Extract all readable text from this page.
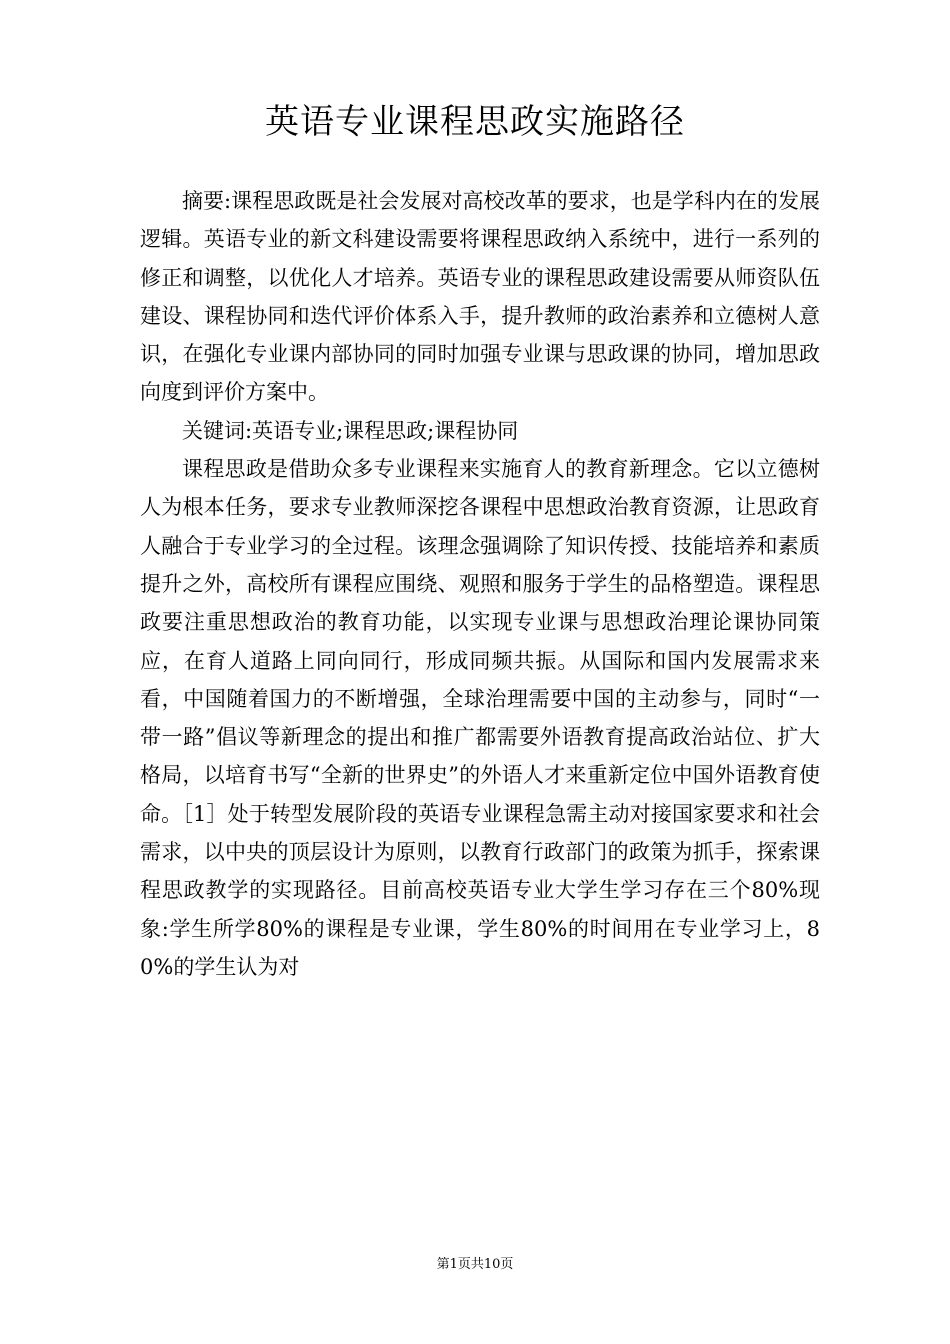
英语专业课程思政实施路径

摘要:课程思政既是社会发展对高校改革的要求，也是学科内在的发展逻辑。英语专业的新文科建设需要将课程思政纳入系统中，进行一系列的修正和调整，以优化人才培养。英语专业的课程思政建设需要从师资队伍建设、课程协同和迭代评价体系入手，提升教师的政治素养和立德树人意识，在强化专业课内部协同的同时加强专业课与思政课的协同，增加思政向度到评价方案中。

关键词:英语专业;课程思政;课程协同

课程思政是借助众多专业课程来实施育人的教育新理念。它以立德树人为根本任务，要求专业教师深挖各课程中思想政治教育资源，让思政育人融合于专业学习的全过程。该理念强调除了知识传授、技能培养和素质提升之外，高校所有课程应围绕、观照和服务于学生的品格塑造。课程思政要注重思想政治的教育功能，以实现专业课与思想政治理论课协同策应，在育人道路上同向同行，形成同频共振。从国际和国内发展需求来看，中国随着国力的不断增强，全球治理需要中国的主动参与，同时“一带一路”倡议等新理念的提出和推广都需要外语教育提高政治站位、扩大格局，以培育书写“全新的世界史”的外语人才来重新定位中国外语教育使命。［1］处于转型发展阶段的英语专业课程急需主动对接国家要求和社会需求，以中央的顶层设计为原则，以教育行政部门的政策为抓手，探索课程思政教学的实现路径。目前高校英语专业大学生学习存在三个80%现象:学生所学80%的课程是专业课，学生80%的时间用在专业学习上，80%的学生认为对

第1页共10页
